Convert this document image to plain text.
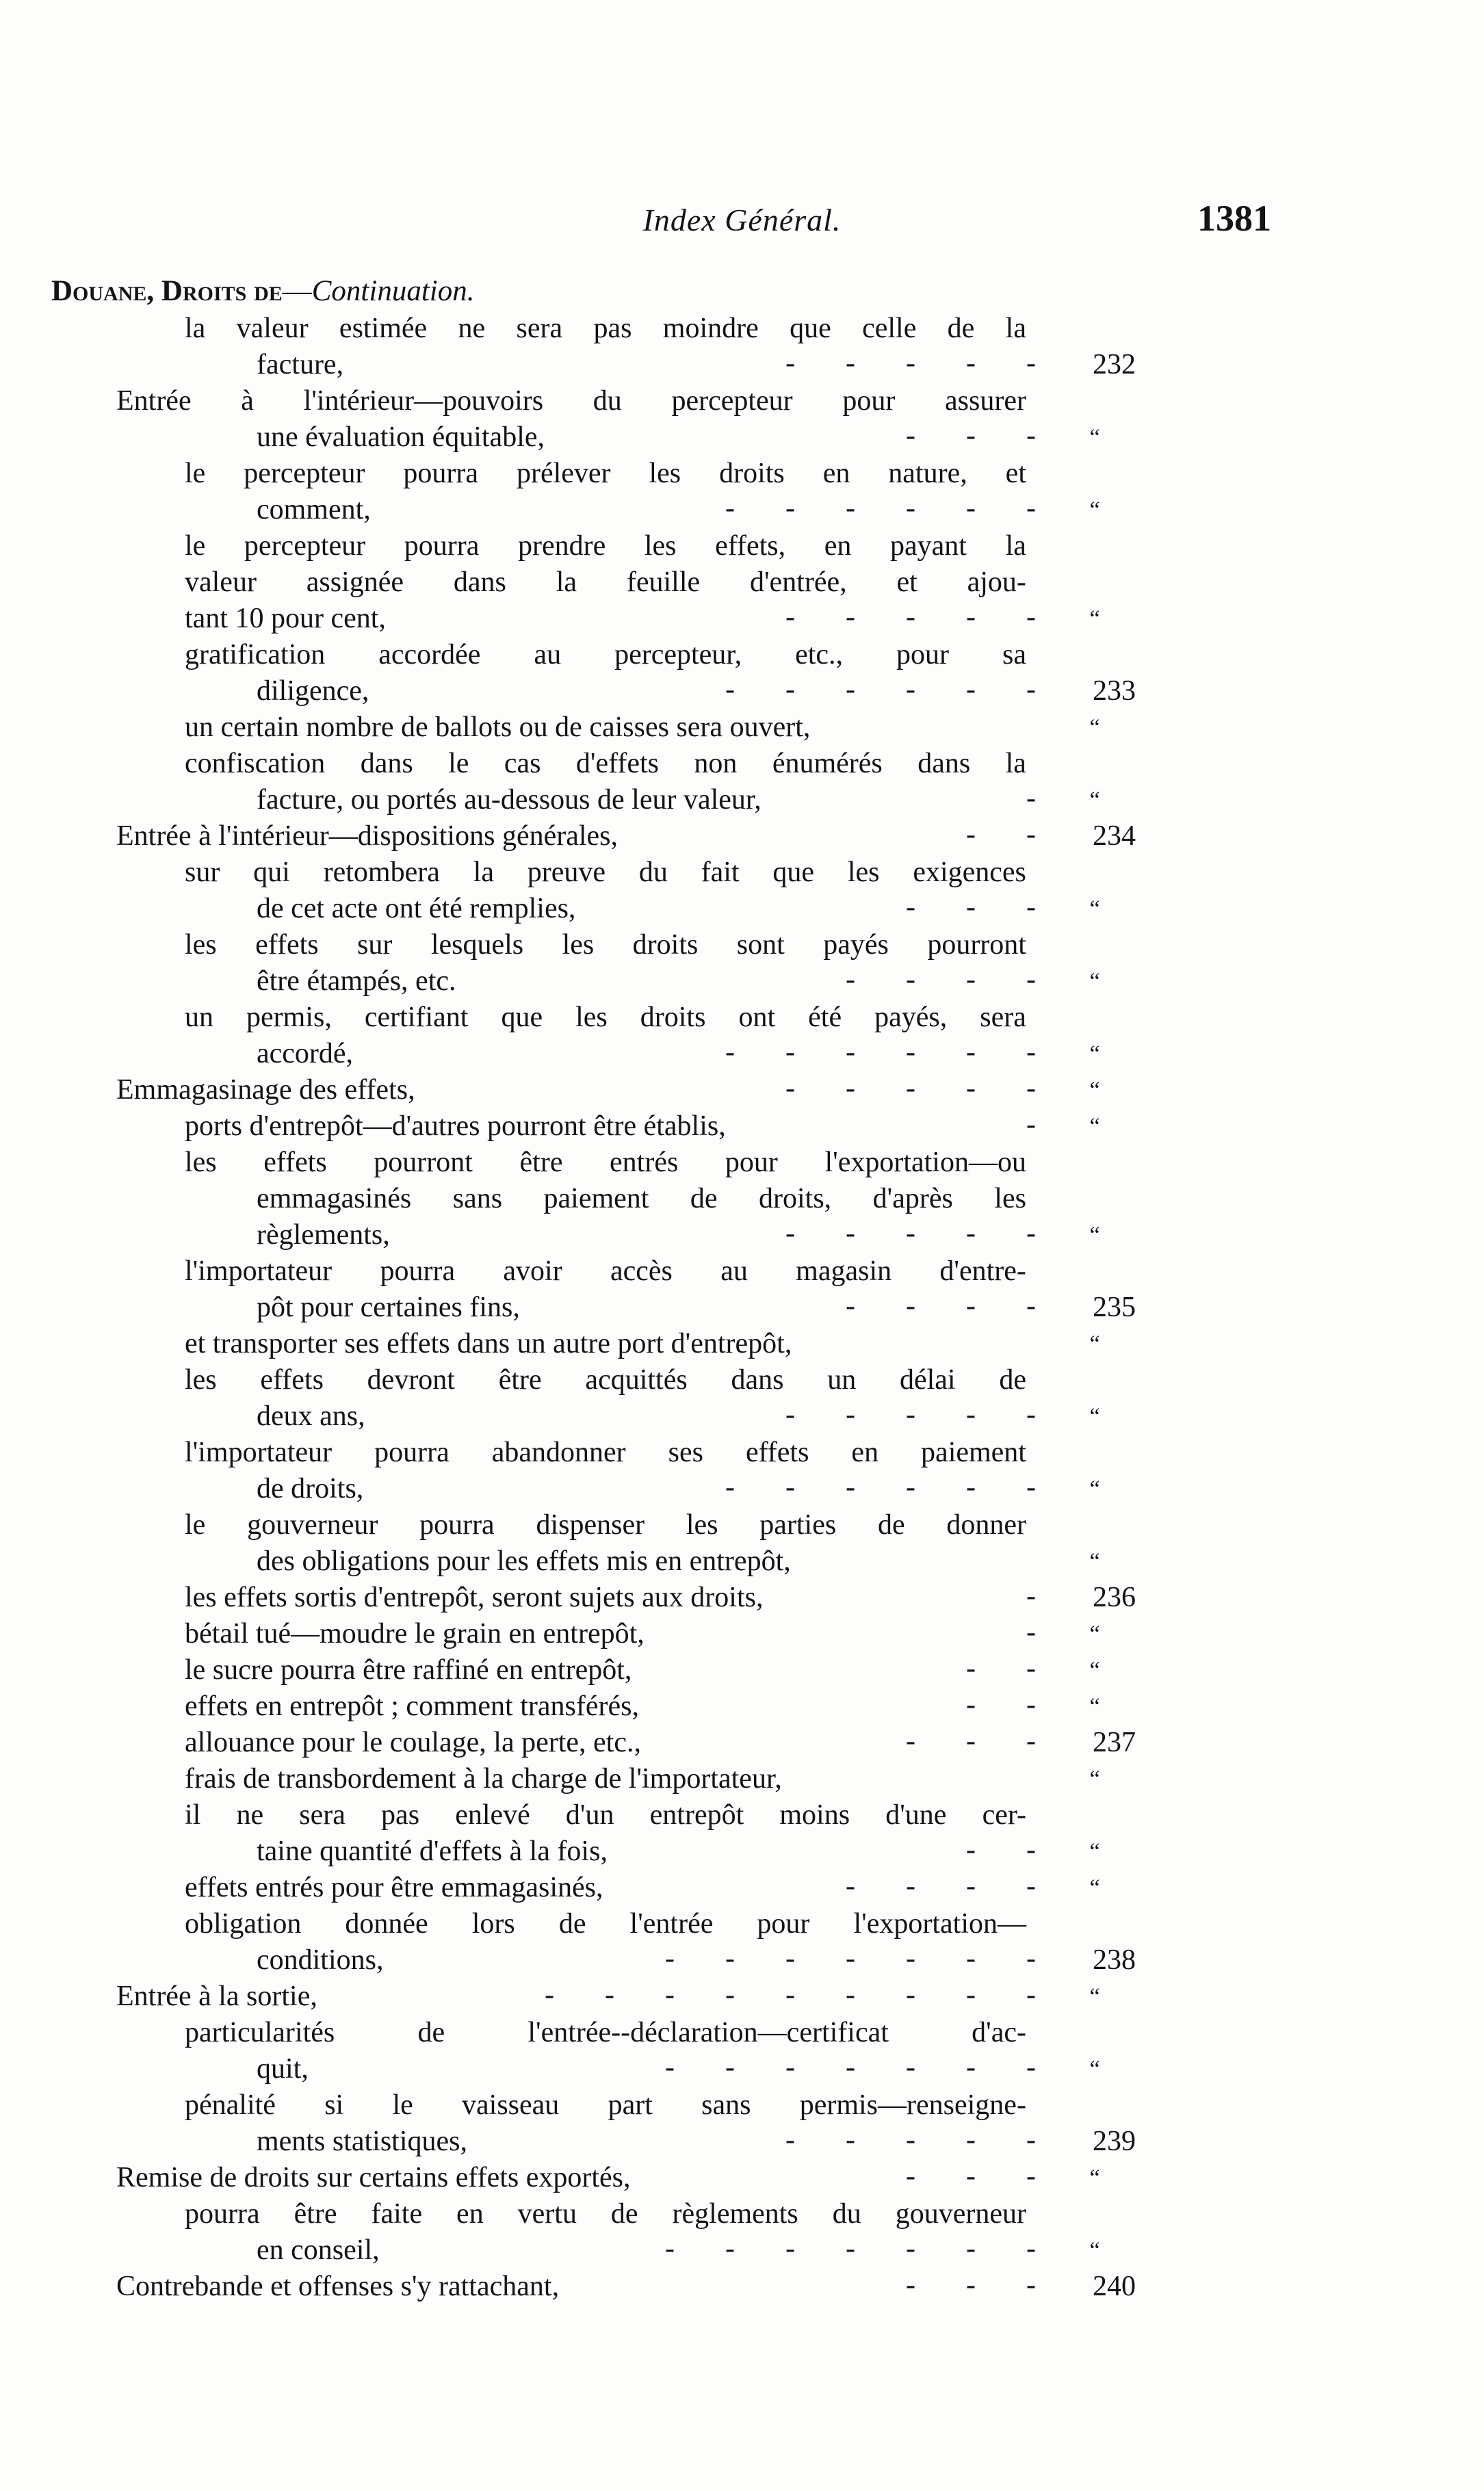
Index Général.	1381
Douane, Droits de—Continuation.
la valeur estimée ne sera pas moindre que celle de la
facture,	- - - - -	232
Entrée à l'intérieur—pouvoirs du percepteur pour assurer
une évaluation équitable,	- - -	“
le percepteur pourra prélever les droits en nature, et
comment,	- - - - - -	“
le percepteur pourra prendre les effets, en payant la
valeur assignée dans la feuille d'entrée, et ajou-
tant 10 pour cent,	- - - - -	“
gratification accordée au percepteur, etc., pour sa
diligence,	- - - - - -	233
un certain nombre de ballots ou de caisses sera ouvert,	“
confiscation dans le cas d'effets non énumérés dans la
facture, ou portés au-dessous de leur valeur,	-	“
Entrée à l'intérieur—dispositions générales,	- -	234
sur qui retombera la preuve du fait que les exigences
de cet acte ont été remplies,	- - -	“
les effets sur lesquels les droits sont payés pourront
être étampés, etc.	- - - -	“
un permis, certifiant que les droits ont été payés, sera
accordé,	- - - - - -	“
Emmagasinage des effets,	- - - - -	“
ports d'entrepôt—d'autres pourront être établis,	-	“
les effets pourront être entrés pour l'exportation—ou
emmagasinés sans paiement de droits, d'après les
règlements,	- - - - -	“
l'importateur pourra avoir accès au magasin d'entre-
pôt pour certaines fins,	- - - -	235
et transporter ses effets dans un autre port d'entrepôt,	“
les effets devront être acquittés dans un délai de
deux ans,	- - - - -	“
l'importateur pourra abandonner ses effets en paiement
de droits,	- - - - - -	“
le gouverneur pourra dispenser les parties de donner
des obligations pour les effets mis en entrepôt,	“
les effets sortis d'entrepôt, seront sujets aux droits,	-	236
bétail tué—moudre le grain en entrepôt,	-	“
le sucre pourra être raffiné en entrepôt,	- -	“
effets en entrepôt ; comment transférés,	- -	“
allouance pour le coulage, la perte, etc.,	- - -	237
frais de transbordement à la charge de l'importateur,	“
il ne sera pas enlevé d'un entrepôt moins d'une cer-
taine quantité d'effets à la fois,	- -	“
effets entrés pour être emmagasinés,	- - - -	“
obligation donnée lors de l'entrée pour l'exportation—
conditions,	- - - - - - -	238
Entrée à la sortie,	- - - - - - - - -	“
particularités	de	l'entrée--déclaration—certificat	d'ac-
quit,	- - - - - - -	“
pénalité si le vaisseau part sans permis—renseigne-
ments statistiques,	- - - - -	239
Remise de droits sur certains effets exportés,	- - -	“
pourra être faite en vertu de règlements du gouverneur
en conseil,	- - - - - - -	“
Contrebande et offenses s'y rattachant,	- - -	240
